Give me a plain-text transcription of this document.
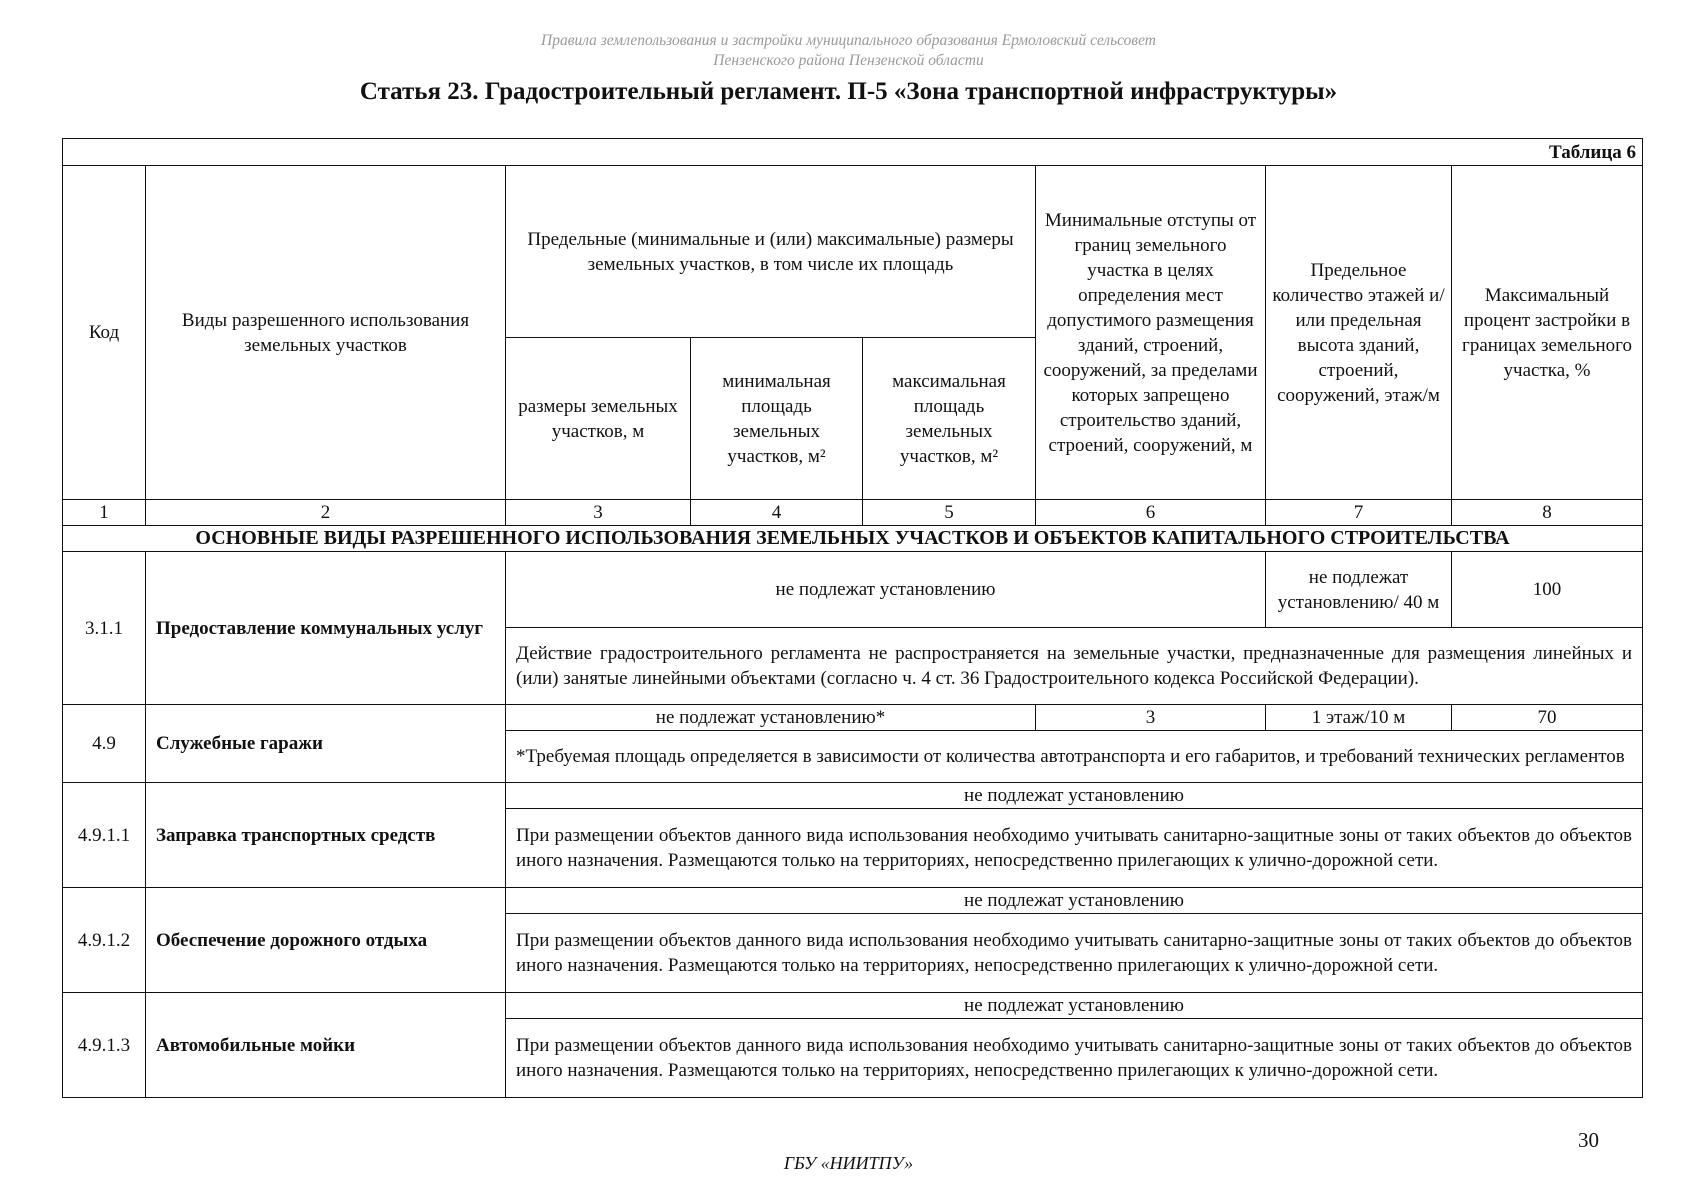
Правила землепользования и застройки муниципального образования Ермоловский сельсовет
Пензенского района Пензенской области
Статья 23. Градостроительный регламент. П-5 «Зона транспортной инфраструктуры»
Таблица 6							
Код	Виды разрешенного использования земельных участков	Предельные (минимальные и (или) максимальные) размеры земельных участков, в том числе их площадь			Минимальные отступы от границ земельного участка в целях определения мест допустимого размещения зданий, строений, сооружений, за пределами которых запрещено строительство зданий, строений, сооружений, м	Предельное количество этажей и/или предельная высота зданий, строений, сооружений, этаж/м	Максимальный процент застройки в границах земельного участка, %
		размеры земельных участков, м	минимальная площадь земельных участков, м²	максимальная площадь земельных участков, м²			
1	2	3	4	5	6	7	8
ОСНОВНЫЕ ВИДЫ РАЗРЕШЕННОГО ИСПОЛЬЗОВАНИЯ ЗЕМЕЛЬНЫХ УЧАСТКОВ И ОБЪЕКТОВ КАПИТАЛЬНОГО СТРОИТЕЛЬСТВА							
3.1.1	Предоставление коммунальных услуг	не подлежат установлению				не подлежат установлению/ 40 м	100
		Действие градостроительного регламента не распространяется на земельные участки, предназначенные для размещения линейных и (или) занятые линейными объектами (согласно ч. 4 ст. 36 Градостроительного кодекса Российской Федерации).					
4.9	Служебные гаражи	не подлежат установлению*			3	1 этаж/10 м	70
		*Требуемая площадь определяется в зависимости от количества автотранспорта и его габаритов, и требований технических регламентов					
4.9.1.1	Заправка транспортных средств	не подлежат установлению					
		При размещении объектов данного вида использования необходимо учитывать санитарно-защитные зоны от таких объектов до объектов иного назначения. Размещаются только на территориях, непосредственно прилегающих к улично-дорожной сети.					
4.9.1.2	Обеспечение дорожного отдыха	не подлежат установлению					
		При размещении объектов данного вида использования необходимо учитывать санитарно-защитные зоны от таких объектов до объектов иного назначения. Размещаются только на территориях, непосредственно прилегающих к улично-дорожной сети.					
4.9.1.3	Автомобильные мойки	не подлежат установлению					
		При размещении объектов данного вида использования необходимо учитывать санитарно-защитные зоны от таких объектов до объектов иного назначения. Размещаются только на территориях, непосредственно прилегающих к улично-дорожной сети.					
30
ГБУ «НИИТПУ»
